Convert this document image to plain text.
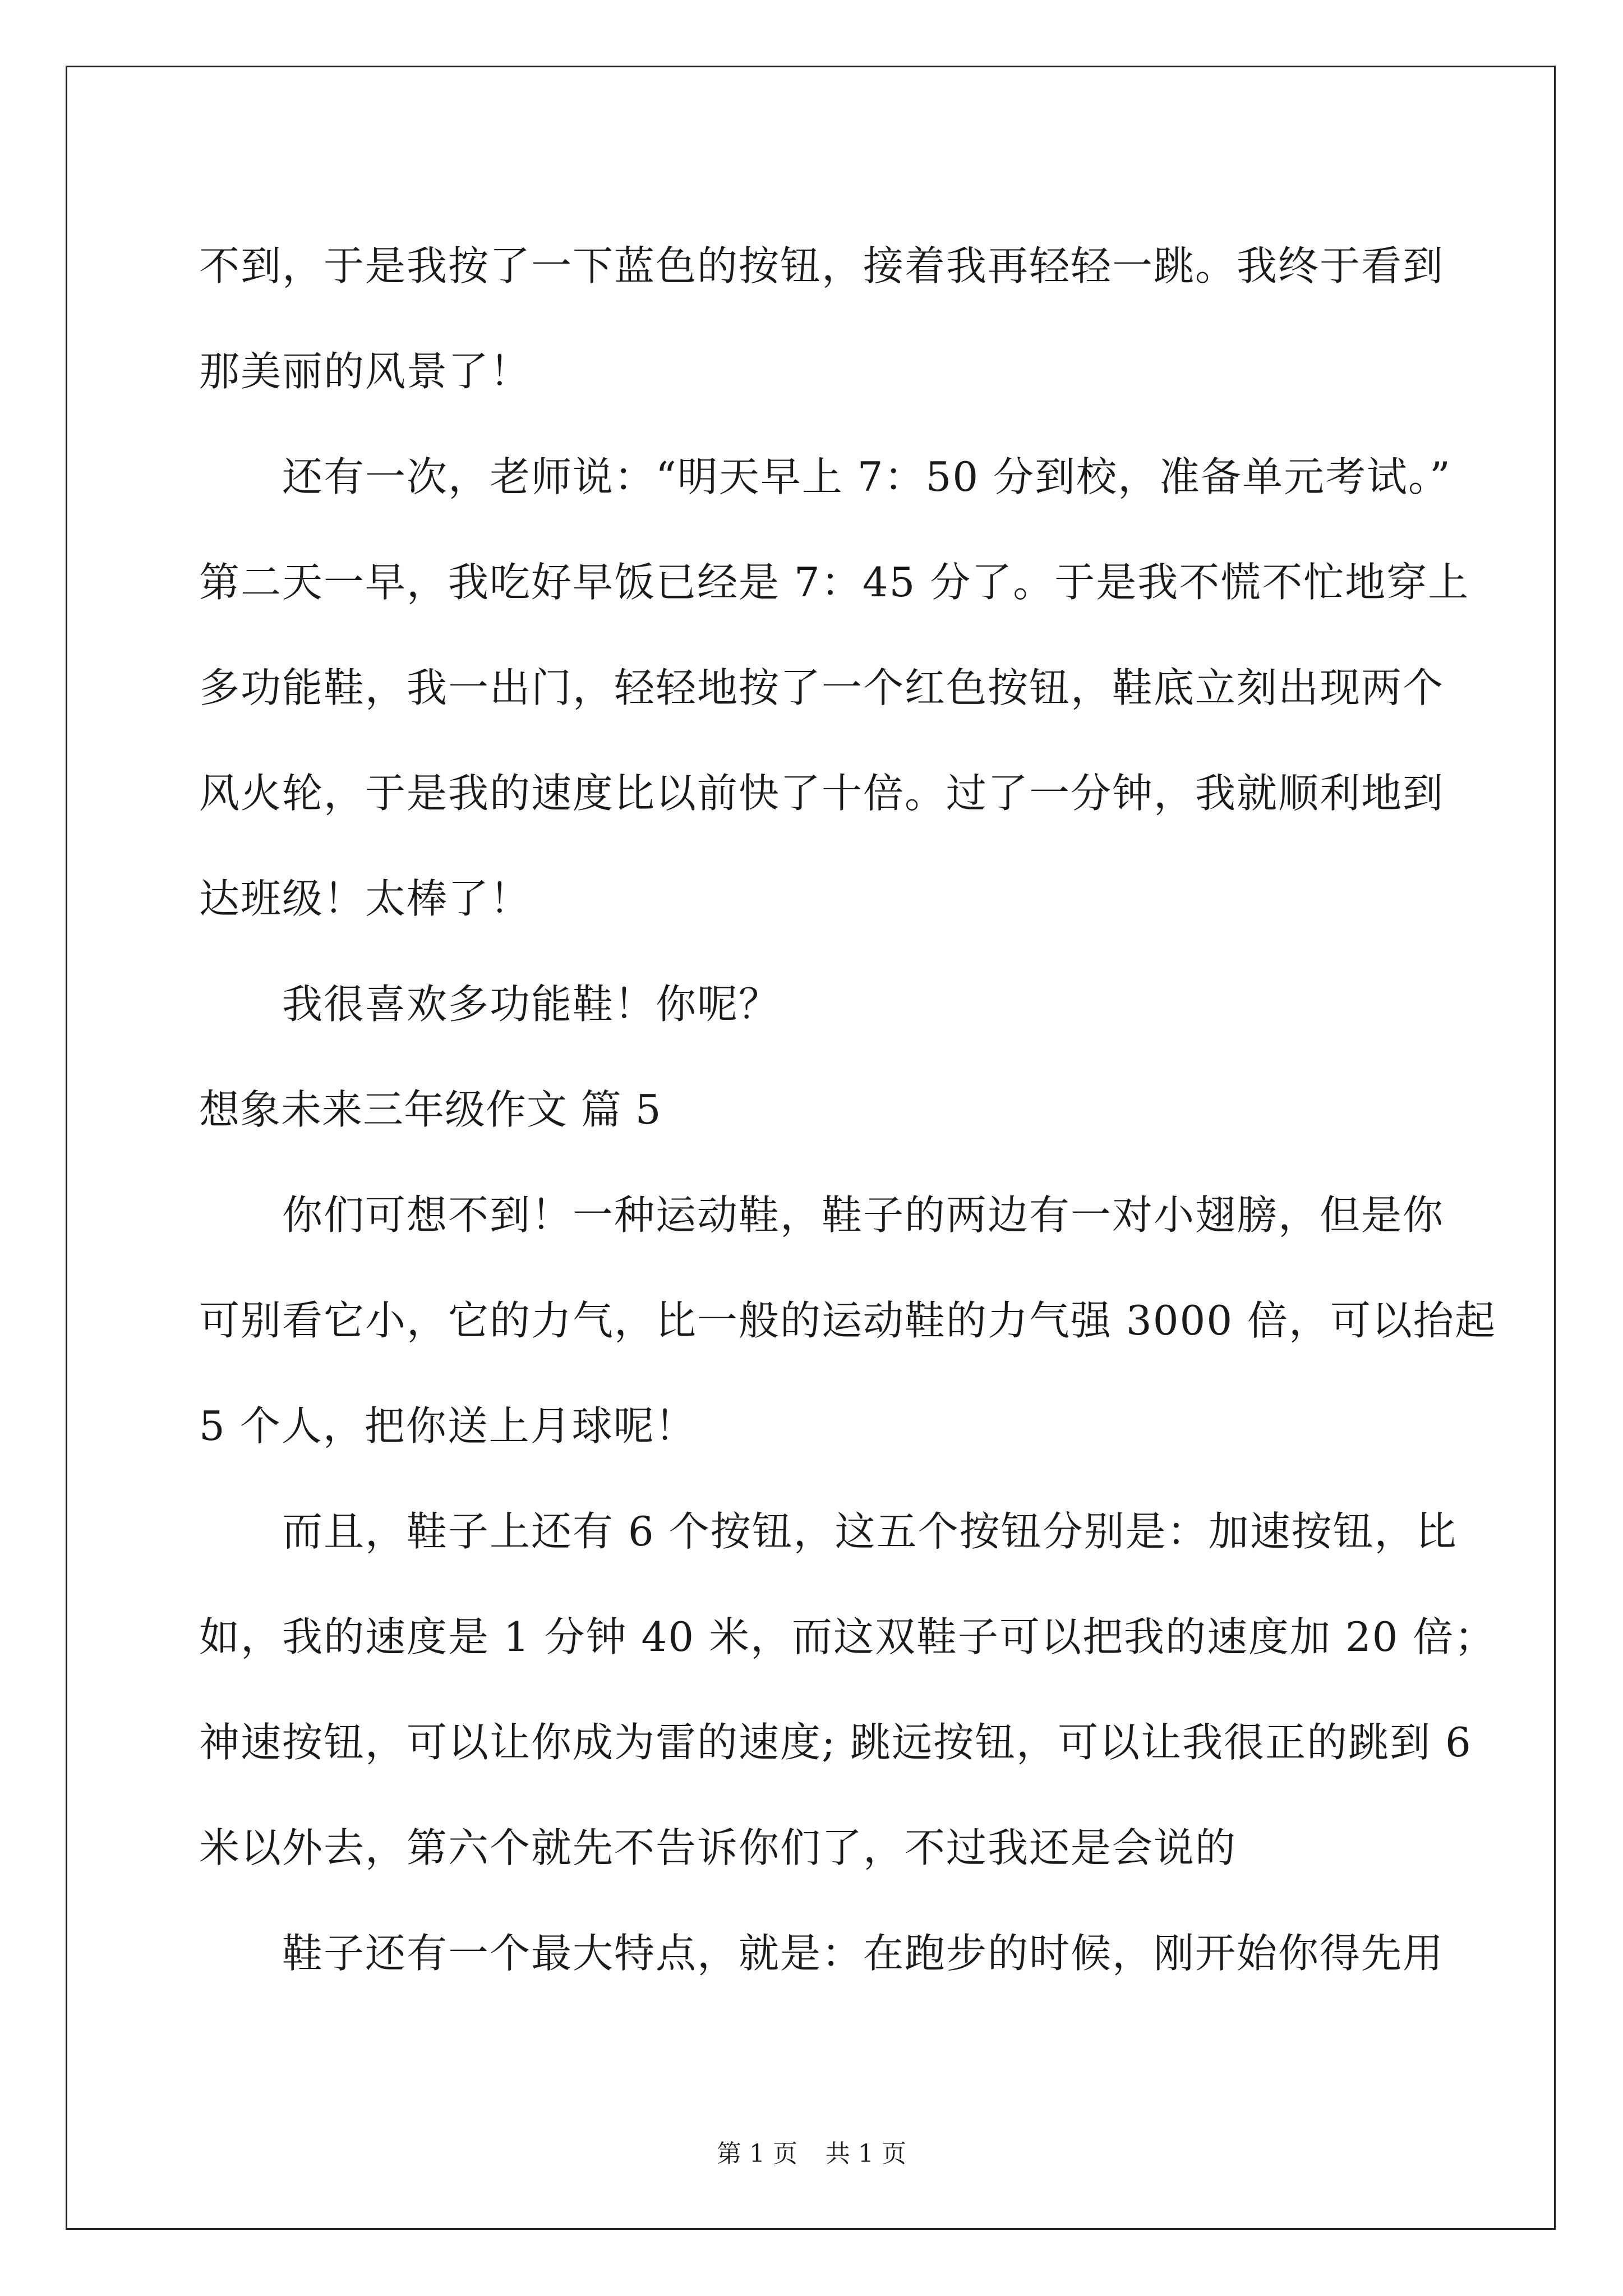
不到，于是我按了一下蓝色的按钮，接着我再轻轻一跳。我终于看到
那美丽的风景了！
还有一次，老师说：“明天早上 7：50 分到校，准备单元考试。”
第二天一早，我吃好早饭已经是 7：45 分了。于是我不慌不忙地穿上
多功能鞋，我一出门，轻轻地按了一个红色按钮，鞋底立刻出现两个
风火轮，于是我的速度比以前快了十倍。过了一分钟，我就顺利地到
达班级！太棒了！
我很喜欢多功能鞋！你呢？
想象未来三年级作文 篇 5
你们可想不到！一种运动鞋，鞋子的两边有一对小翅膀，但是你
可别看它小，它的力气，比一般的运动鞋的力气强 3000 倍，可以抬起
5 个人，把你送上月球呢！
而且，鞋子上还有 6 个按钮，这五个按钮分别是：加速按钮，比
如，我的速度是 1 分钟 40 米，而这双鞋子可以把我的速度加 20 倍；
神速按钮，可以让你成为雷的速度; 跳远按钮，可以让我很正的跳到 6
米以外去，第六个就先不告诉你们了，不过我还是会说的
鞋子还有一个最大特点，就是：在跑步的时候，刚开始你得先用
第 1 页 共 1 页
